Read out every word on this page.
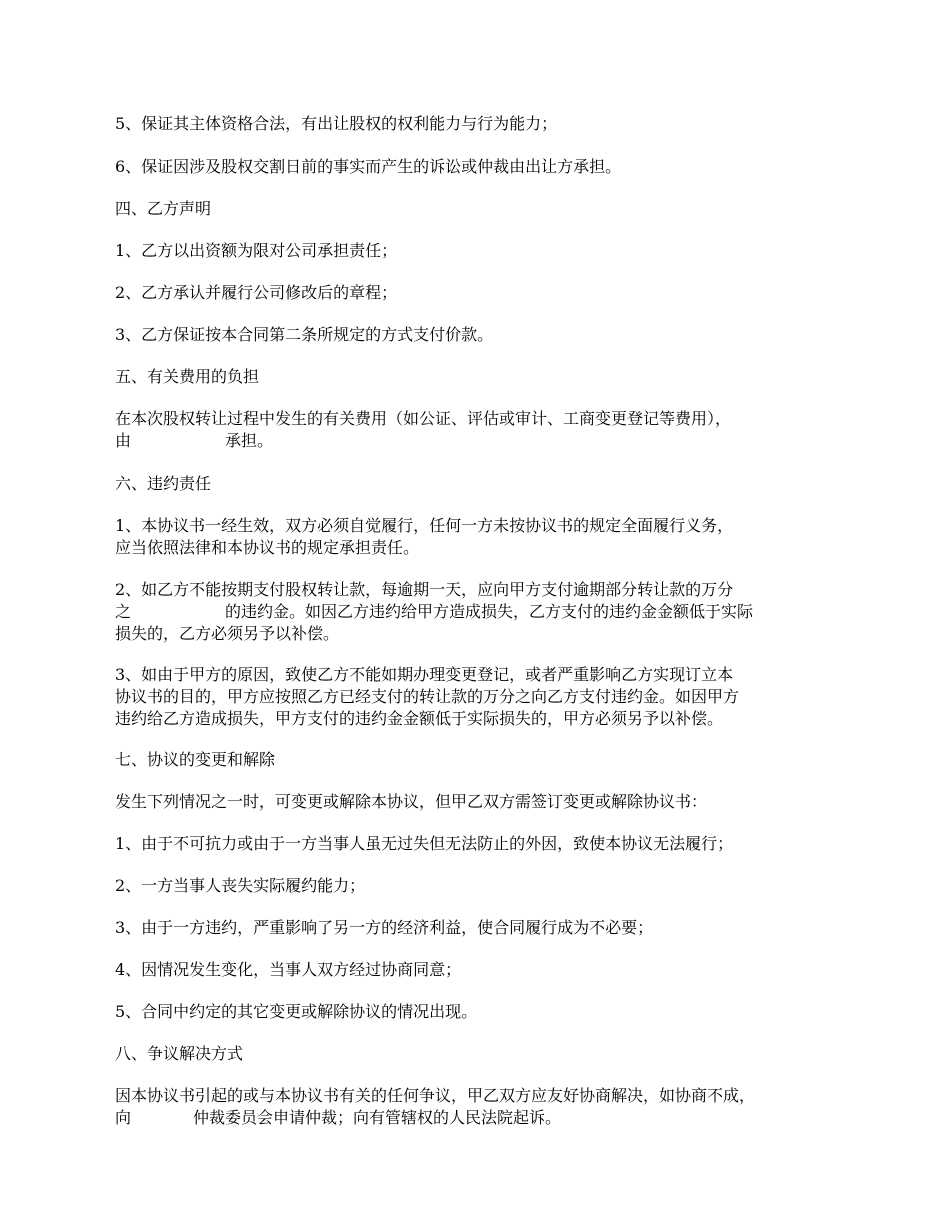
5、保证其主体资格合法，有出让股权的权利能力与行为能力；

6、保证因涉及股权交割日前的事实而产生的诉讼或仲裁由出让方承担。

四、乙方声明

1、乙方以出资额为限对公司承担责任；

2、乙方承认并履行公司修改后的章程；

3、乙方保证按本合同第二条所规定的方式支付价款。

五、有关费用的负担

在本次股权转让过程中发生的有关费用（如公证、评估或审计、工商变更登记等费用），
由	承担。

六、违约责任

1、本协议书一经生效，双方必须自觉履行，任何一方未按协议书的规定全面履行义务，
应当依照法律和本协议书的规定承担责任。

2、如乙方不能按期支付股权转让款，每逾期一天，应向甲方支付逾期部分转让款的万分
之	的违约金。如因乙方违约给甲方造成损失，乙方支付的违约金金额低于实际
损失的，乙方必须另予以补偿。

3、如由于甲方的原因，致使乙方不能如期办理变更登记，或者严重影响乙方实现订立本
协议书的目的，甲方应按照乙方已经支付的转让款的万分之向乙方支付违约金。如因甲方
违约给乙方造成损失，甲方支付的违约金金额低于实际损失的，甲方必须另予以补偿。

七、协议的变更和解除

发生下列情况之一时，可变更或解除本协议，但甲乙双方需签订变更或解除协议书：

1、由于不可抗力或由于一方当事人虽无过失但无法防止的外因，致使本协议无法履行；

2、一方当事人丧失实际履约能力；

3、由于一方违约，严重影响了另一方的经济利益，使合同履行成为不必要；

4、因情况发生变化，当事人双方经过协商同意；

5、合同中约定的其它变更或解除协议的情况出现。

八、争议解决方式

因本协议书引起的或与本协议书有关的任何争议，甲乙双方应友好协商解决，如协商不成，
向	仲裁委员会申请仲裁；向有管辖权的人民法院起诉。
